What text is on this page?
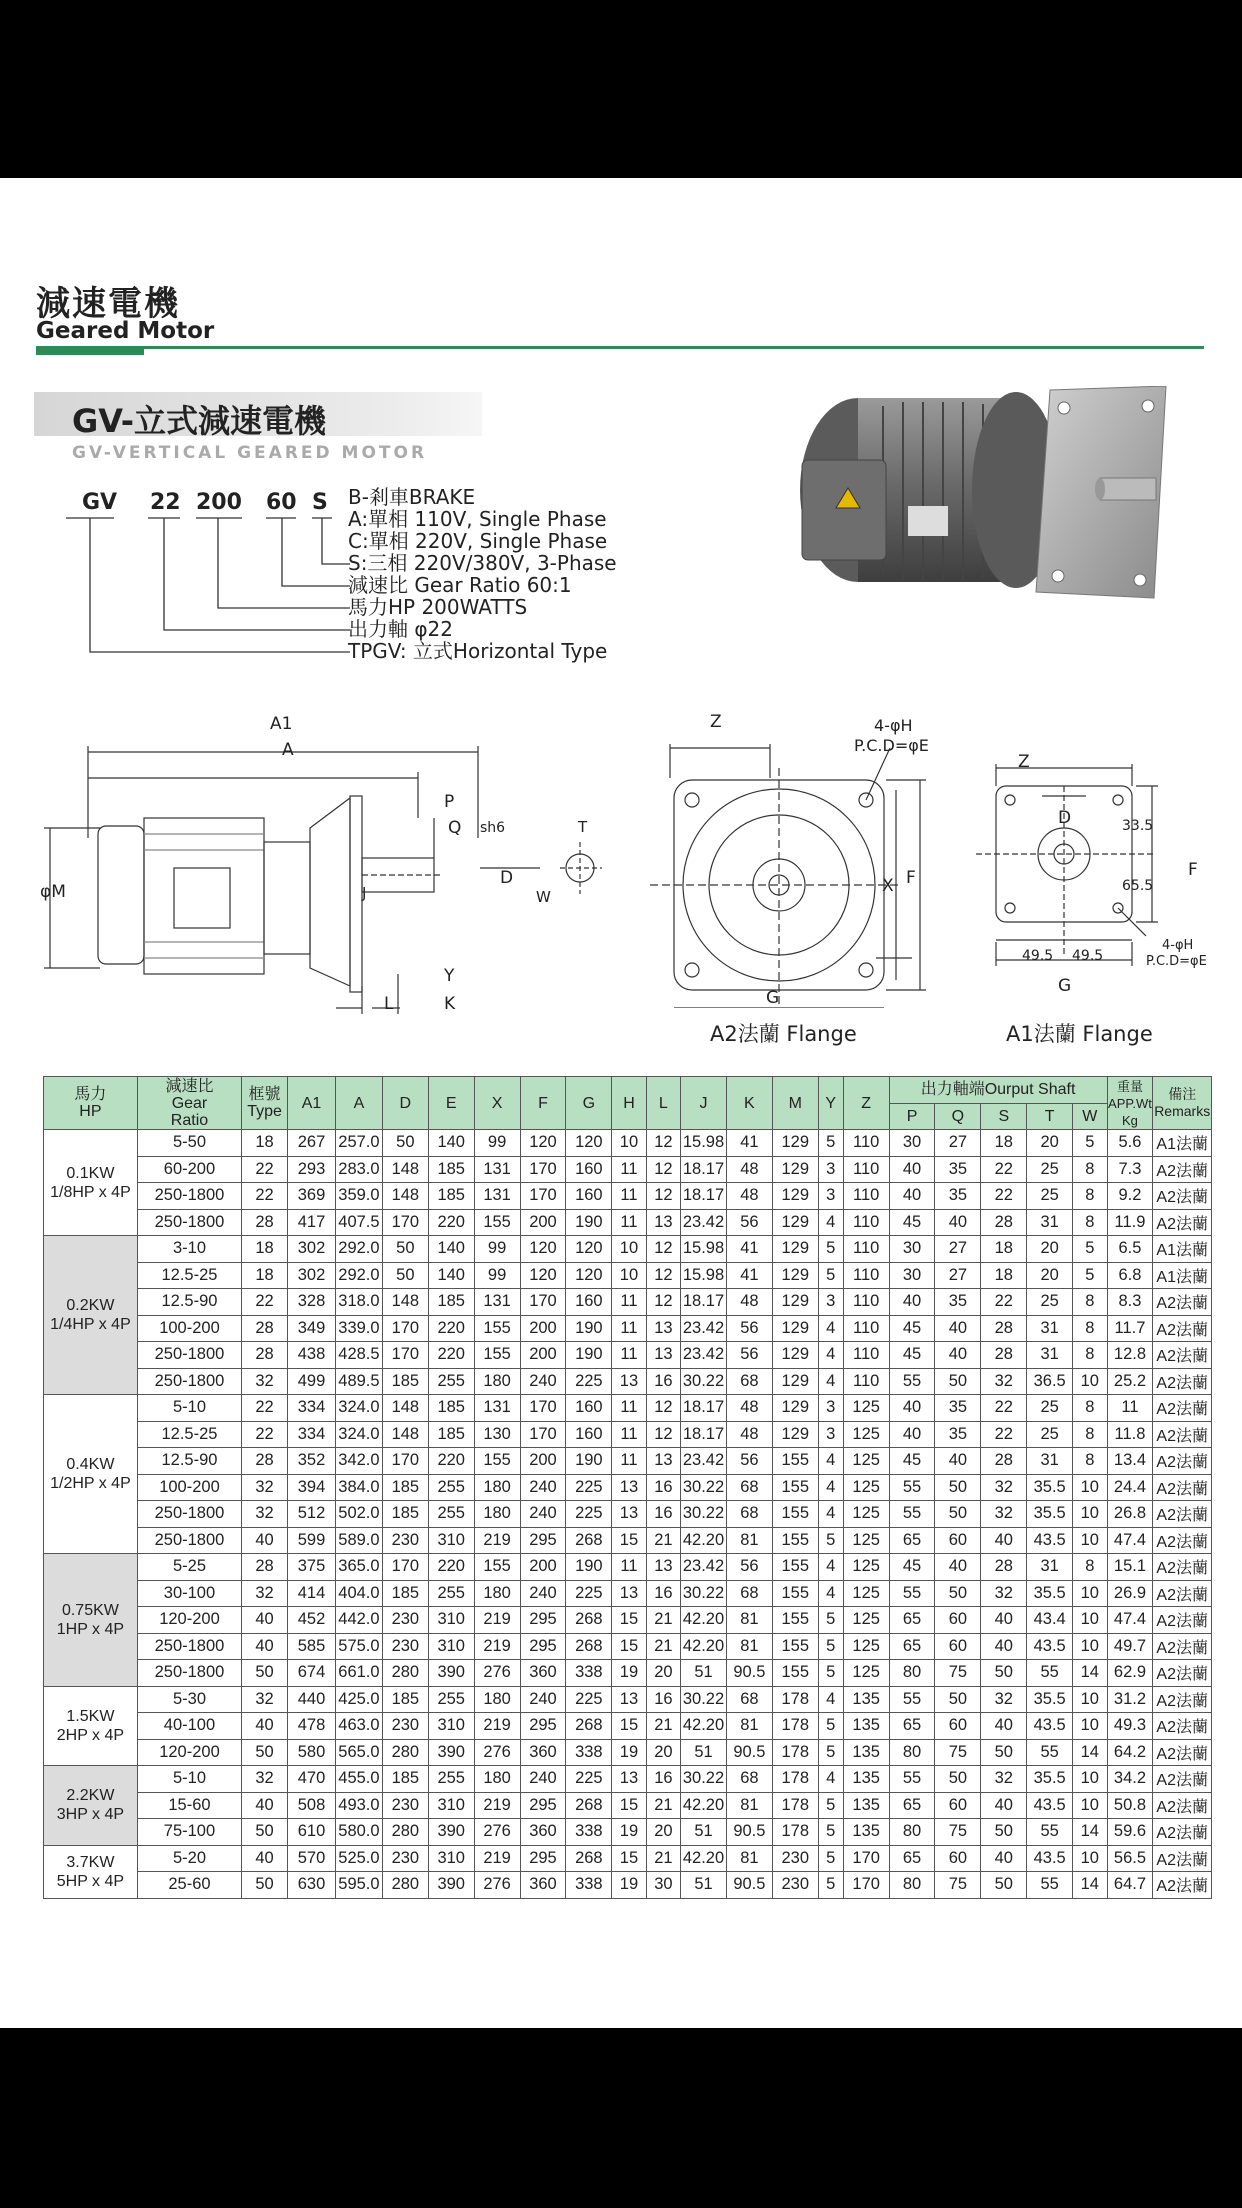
減速電機
Geared Motor
GV-立式減速電機
GV-VERTICAL GEARED MOTOR
GV 22 200 60 S B-剎車BRAKE
A:單相 110V, Single Phase
C:單相 220V, Single Phase
S:三相 220V/380V, 3-Phase
減速比 Gear Ratio 60:1
馬力HP 200WATTS
出力軸 φ22
TPGV: 立式Horizontal Type
A1
A
P
Q sh6
D
J
φM
Y
L	K
T
W
Z	4-φH
P.C.D=φE
X F
G
A2法蘭 Flange
Z
D	33.5
65.5
F
49.5 49.5
4-φH
P.C.D=φE
G
A1法蘭 Flange
馬力
HP	減速比
Gear
Ratio	框號
Type	A1	A	D	E	X	F	G	H	L	J	K	M	Y	Z	出力軸端Ourput Shaft					重量
APP.Wt
Kg	備注
Remarks
																	P	Q	S	T	W		
0.1KW
1/8HP x 4P	5-50	18	267	257.0	50	140	99	120	120	10	12	15.98	41	129	5	110	30	27	18	20	5	5.6	A1法蘭
	60-200	22	293	283.0	148	185	131	170	160	11	12	18.17	48	129	3	110	40	35	22	25	8	7.3	A2法蘭
	250-1800	22	369	359.0	148	185	131	170	160	11	12	18.17	48	129	3	110	40	35	22	25	8	9.2	A2法蘭
	250-1800	28	417	407.5	170	220	155	200	190	11	13	23.42	56	129	4	110	45	40	28	31	8	11.9	A2法蘭
0.2KW
1/4HP x 4P	3-10	18	302	292.0	50	140	99	120	120	10	12	15.98	41	129	5	110	30	27	18	20	5	6.5	A1法蘭
	12.5-25	18	302	292.0	50	140	99	120	120	10	12	15.98	41	129	5	110	30	27	18	20	5	6.8	A1法蘭
	12.5-90	22	328	318.0	148	185	131	170	160	11	12	18.17	48	129	3	110	40	35	22	25	8	8.3	A2法蘭
	100-200	28	349	339.0	170	220	155	200	190	11	13	23.42	56	129	4	110	45	40	28	31	8	11.7	A2法蘭
	250-1800	28	438	428.5	170	220	155	200	190	11	13	23.42	56	129	4	110	45	40	28	31	8	12.8	A2法蘭
	250-1800	32	499	489.5	185	255	180	240	225	13	16	30.22	68	129	4	110	55	50	32	36.5	10	25.2	A2法蘭
0.4KW
1/2HP x 4P	5-10	22	334	324.0	148	185	131	170	160	11	12	18.17	48	129	3	125	40	35	22	25	8	11	A2法蘭
	12.5-25	22	334	324.0	148	185	130	170	160	11	12	18.17	48	129	3	125	40	35	22	25	8	11.8	A2法蘭
	12.5-90	28	352	342.0	170	220	155	200	190	11	13	23.42	56	155	4	125	45	40	28	31	8	13.4	A2法蘭
	100-200	32	394	384.0	185	255	180	240	225	13	16	30.22	68	155	4	125	55	50	32	35.5	10	24.4	A2法蘭
	250-1800	32	512	502.0	185	255	180	240	225	13	16	30.22	68	155	4	125	55	50	32	35.5	10	26.8	A2法蘭
	250-1800	40	599	589.0	230	310	219	295	268	15	21	42.20	81	155	5	125	65	60	40	43.5	10	47.4	A2法蘭
0.75KW
1HP x 4P	5-25	28	375	365.0	170	220	155	200	190	11	13	23.42	56	155	4	125	45	40	28	31	8	15.1	A2法蘭
	30-100	32	414	404.0	185	255	180	240	225	13	16	30.22	68	155	4	125	55	50	32	35.5	10	26.9	A2法蘭
	120-200	40	452	442.0	230	310	219	295	268	15	21	42.20	81	155	5	125	65	60	40	43.4	10	47.4	A2法蘭
	250-1800	40	585	575.0	230	310	219	295	268	15	21	42.20	81	155	5	125	65	60	40	43.5	10	49.7	A2法蘭
	250-1800	50	674	661.0	280	390	276	360	338	19	20	51	90.5	155	5	125	80	75	50	55	14	62.9	A2法蘭
1.5KW
2HP x 4P	5-30	32	440	425.0	185	255	180	240	225	13	16	30.22	68	178	4	135	55	50	32	35.5	10	31.2	A2法蘭
	40-100	40	478	463.0	230	310	219	295	268	15	21	42.20	81	178	5	135	65	60	40	43.5	10	49.3	A2法蘭
	120-200	50	580	565.0	280	390	276	360	338	19	20	51	90.5	178	5	135	80	75	50	55	14	64.2	A2法蘭
2.2KW
3HP x 4P	5-10	32	470	455.0	185	255	180	240	225	13	16	30.22	68	178	4	135	55	50	32	35.5	10	34.2	A2法蘭
	15-60	40	508	493.0	230	310	219	295	268	15	21	42.20	81	178	5	135	65	60	40	43.5	10	50.8	A2法蘭
	75-100	50	610	580.0	280	390	276	360	338	19	20	51	90.5	178	5	135	80	75	50	55	14	59.6	A2法蘭
3.7KW
5HP x 4P	5-20	40	570	525.0	230	310	219	295	268	15	21	42.20	81	230	5	170	65	60	40	43.5	10	56.5	A2法蘭
	25-60	50	630	595.0	280	390	276	360	338	19	30	51	90.5	230	5	170	80	75	50	55	14	64.7	A2法蘭
